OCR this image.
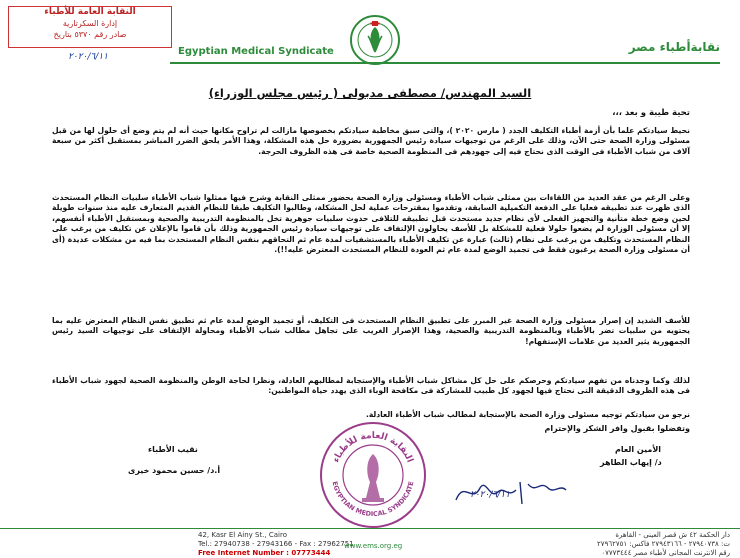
النقابة العامة للأطباء
إدارة السكرتارية
صادر رقم ٥٣٧٠ بتاريخ
٢٠٢٠/٦/١١	Egyptian Medical Syndicate	نقابةأطباء مصر
السيد المهندس/ مصطفى مدبولى ( رئيس مجلس الوزراء)
تحية طيبة و بعد ،،،
نحيط سيادتكم علما بأن أزمة أطباء التكليف الجدد ( مارس ٢٠٢٠ )، والتى سبق مخاطبة سيادتكم بخصوصها مازالت لم تراوح مكانها حيث أنه لم يتم وضع أى حلول لها من قبل مسئولى وزارة الصحة حتى الآن، وذلك على الرغم من توجيهات سيادة رئيس الجمهورية بضرورة حل هذه المشكلة، وهذا الأمر يلحق الضرر المباشر بمستقبل أكثر من سبعة آلاف من شباب الأطباء فى الوقت الذى نحتاج فيه إلى جهودهم فى المنظومة الصحية خاصة فى هذه الظروف الحرجة.
وعلى الرغم من عقد العديد من اللقاءات بين ممثلى شباب الأطباء ومسئولى وزارة الصحة بحضور ممثلى النقابة وشرح فيها ممثلوا شباب الأطباء سلبيات النظام المستحدث الذى ظهرت عند تطبيقه فعليا على الدفعة التكميلية السابقة، وتقدموا بمقترحات عملية لحل المشكلة، وطالبوا التكليف طبقا للنظام القديم المتعارف عليه منذ سنوات طويلة لحين وضع خطة متأنية والتجهيز الفعلى لأى نظام جديد مستحدث قبل تطبيقه للتلافى حدوث سلبيات جوهرية تخل بالمنظومة التدريبية والصحية وبمستقبل الأطباء أنفسهم، إلا أن مسئولى الوزارة لم يضعوا حلولا فعلية للمشكلة بل للأسف يحاولون الإلتفاف على توجيهات سيادة رئيس الجمهورية وذلك بأن قاموا بالإعلان عن تكليف من يرغب على النظام المستحدث وتكليف من يرغب على نظام (ثالث) عبارة عن تكليف الأطباء بالمستشفيات لمدة عام ثم التحاقهم بنفس النظام المستحدث بما فيه من مشكلات عديدة (أى أن مسئولى وزارة الصحة يرغبون فقط فى تجميد الوضع لمدة عام ثم العودة للنظام المستحدث المعترض عليه!!).
للأسف الشديد إن إصرار مسئولى وزارة الصحة غير المبرر على تطبيق النظام المستحدث فى التكليف، أو تجميد الوضع لمدة عام ثم تطبيق نفس النظام المعترض عليه بما يحتويه من سلبيات تضر بالأطباء وبالمنظومة التدريبية والصحية، وهذا الإصرار الغريب على تجاهل مطالب شباب الأطباء ومحاولة الإلتفاف على توجيهات السيد رئيس الجمهورية يثير العديد من علامات الإستفهام!
لذلك وكما وجدناه من تفهم سيادتكم وحرصكم على حل كل مشاكل شباب الأطباء والإستجابة لمطالبهم العادلة، ونظرا لحاجة الوطن والمنظومة الصحية لجهود شباب الأطباء فى هذه الظروف الدقيقة التى نحتاج فيها لجهود كل طبيب للمشاركة فى مكافحة الوباء الذى يهدد حياة المواطنين:
نرجو من سيادتكم توجيه مسئولى وزارة الصحة بالإستجابة لمطالب شباب الأطباء العادلة.
وتفضلوا بقبول وافر الشكر والإحترام
الأمين العام
د/ إيهاب الطاهر
٢٠٢٠/٦/١١
نقيب الأطباء
أ.د/ حسين محمود خيرى
النقابة العامة للأطباء
EGYPTIAN MEDICAL SYNDICATE
42, Kasr El Ainy St., Cairo
Tel.: 27940738 - 27943166 - Fax : 27962751
Free Internet Number : 07773444
www.ems.org.eg
دار الحكمة ٤٢ ش قصر العينى - القاهرة
ت: ٢٧٩٤٠٧٣٨ - ٢٧٩٤٣١٦٦ فاكس: ٢٧٩٦٢٧٥١
رقم الانترنت المجانى لأطباء مصر ٠٧٧٧٣٤٤٤
